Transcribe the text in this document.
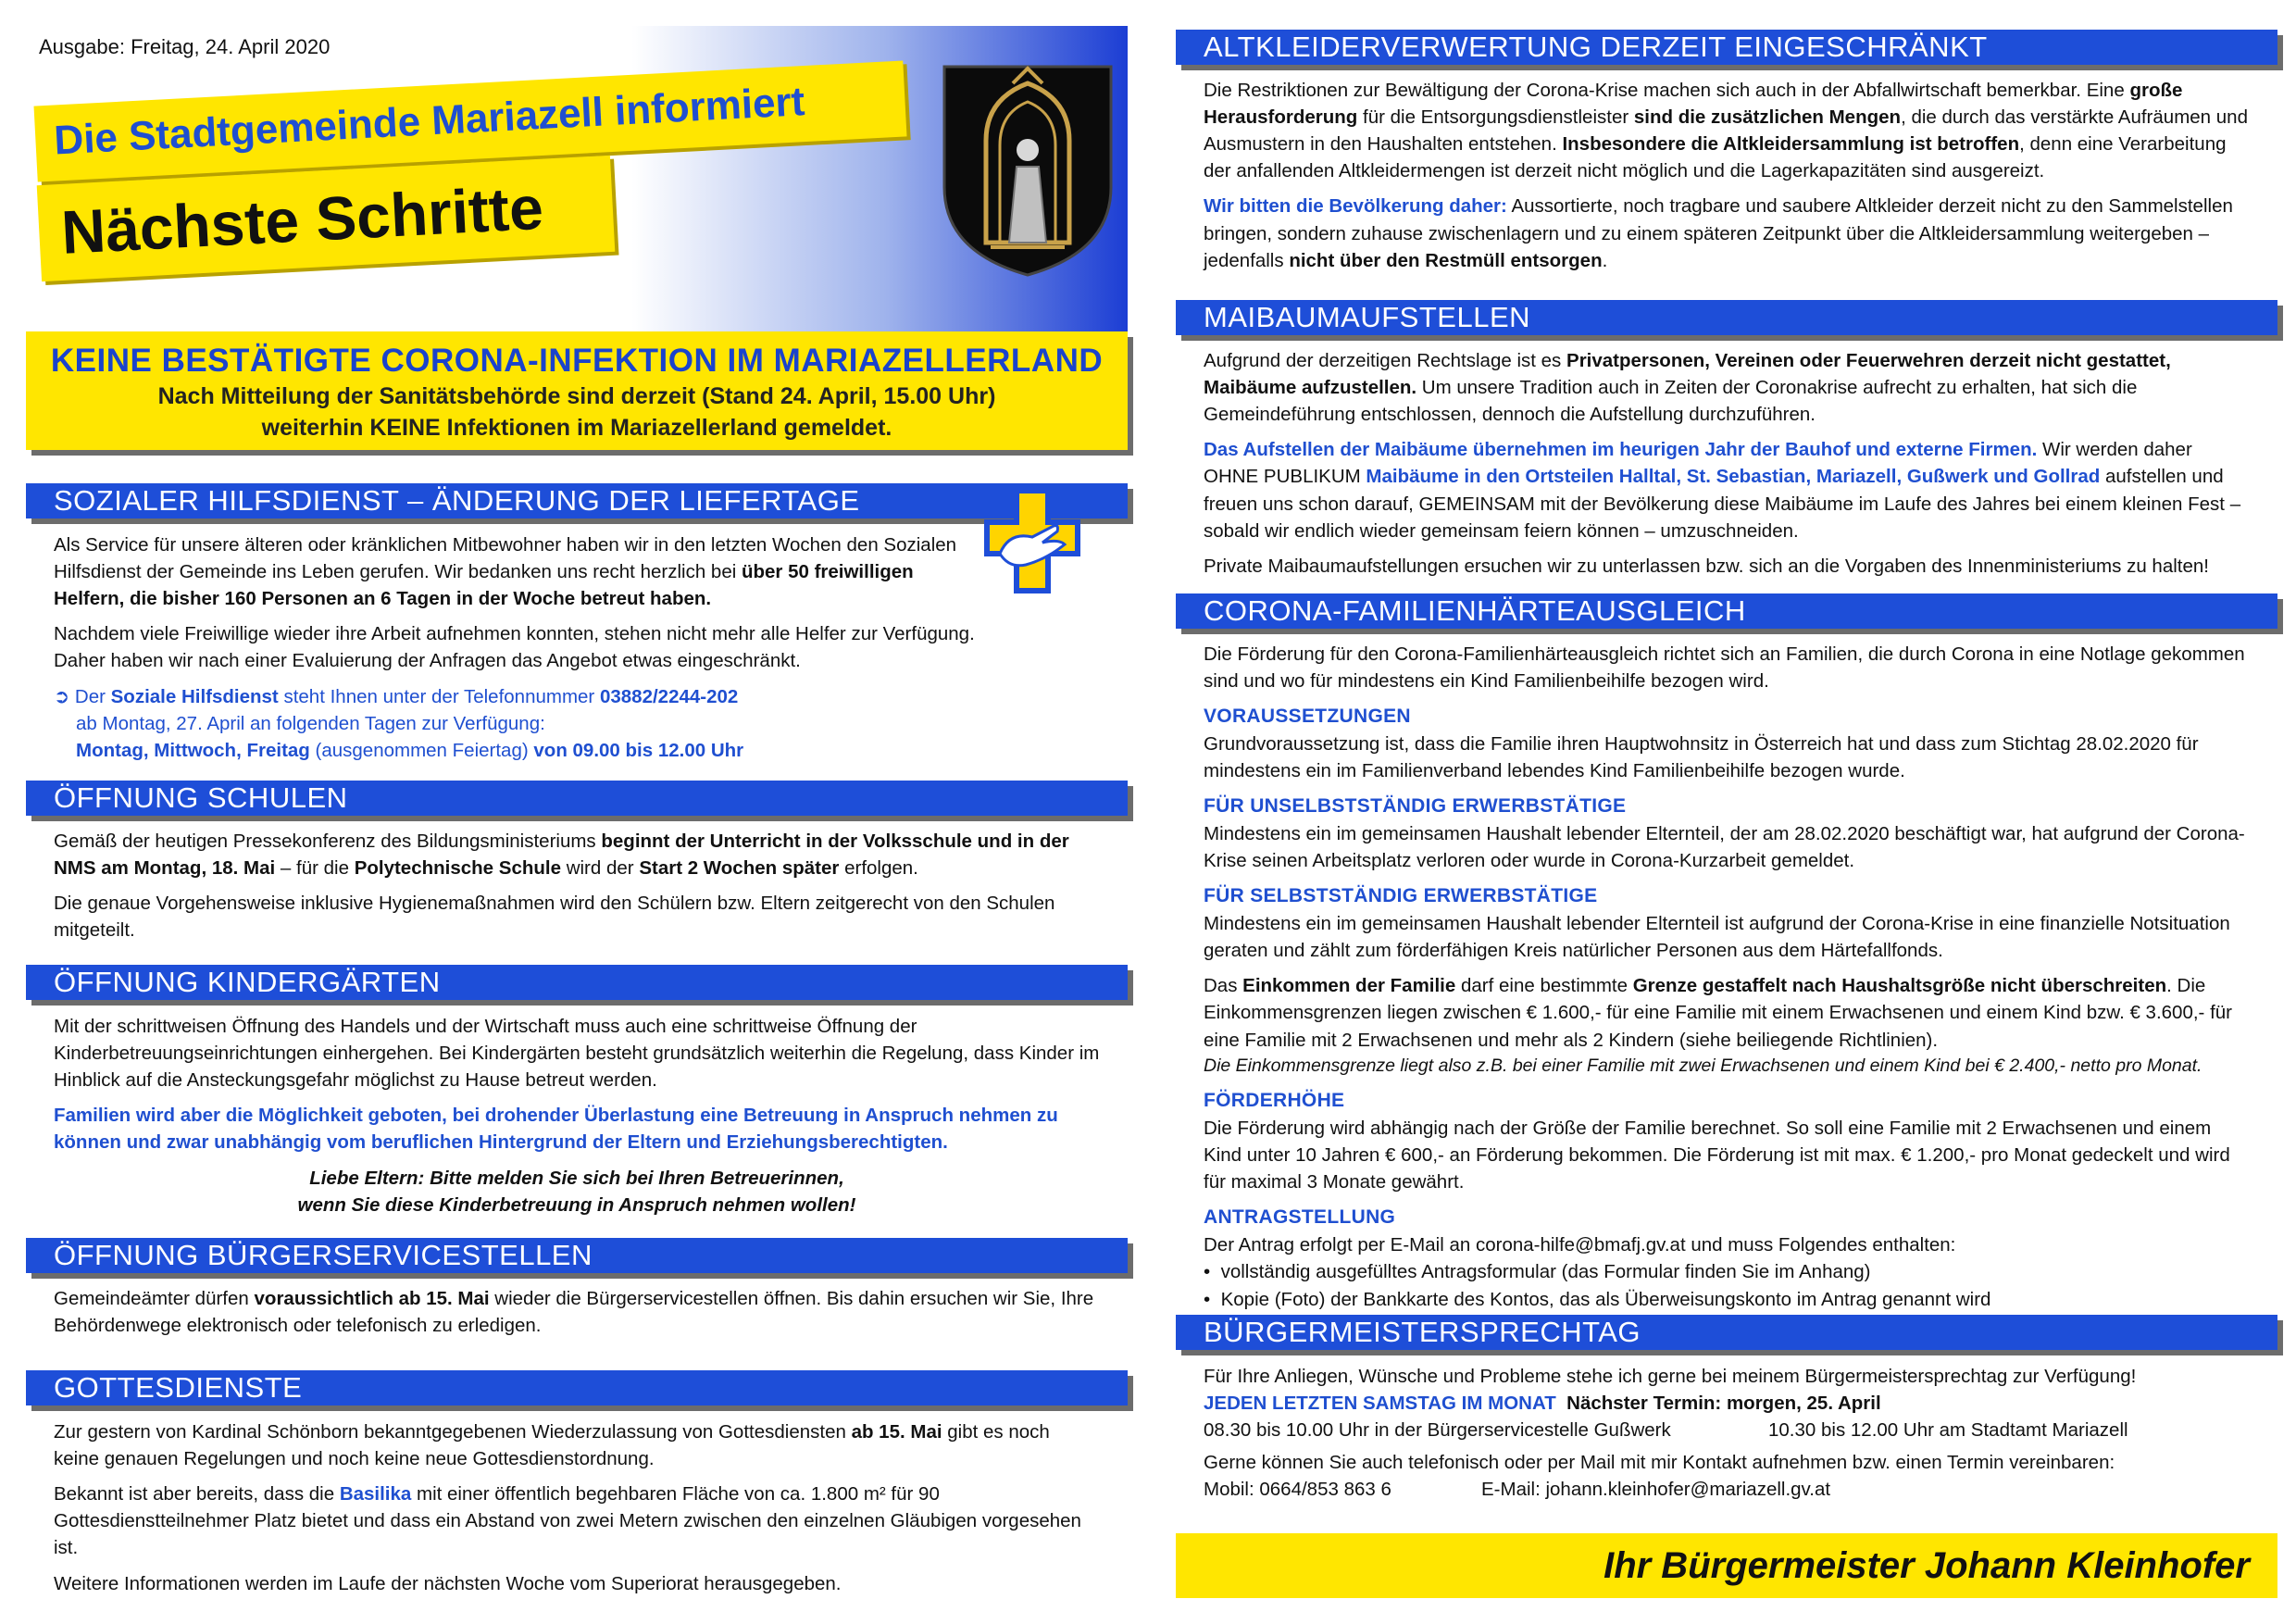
Ausgabe: Freitag, 24. April 2020
Die Stadtgemeinde Mariazell informiert
Nächste Schritte
KEINE BESTÄTIGTE CORONA-INFEKTION IM MARIAZELLERLAND
Nach Mitteilung der Sanitätsbehörde sind derzeit (Stand 24. April, 15.00 Uhr)
weiterhin KEINE Infektionen im Mariazellerland gemeldet.
SOZIALER HILFSDIENST – ÄNDERUNG DER LIEFERTAGE

Als Service für unsere älteren oder kränklichen Mitbewohner haben wir in den letzten Wochen den Sozialen Hilfsdienst der Gemeinde ins Leben gerufen. Wir bedanken uns recht herzlich bei über 50 freiwilligen Helfern, die bisher 160 Personen an 6 Tagen in der Woche betreut haben.

Nachdem viele Freiwillige wieder ihre Arbeit aufnehmen konnten, stehen nicht mehr alle Helfer zur Verfügung. Daher haben wir nach einer Evaluierung der Anfragen das Angebot etwas eingeschränkt.

➲ Der Soziale Hilfsdienst steht Ihnen unter der Telefonnummer 03882/2244-202
ab Montag, 27. April an folgenden Tagen zur Verfügung:
Montag, Mittwoch, Freitag (ausgenommen Feiertag) von 09.00 bis 12.00 Uhr
ÖFFNUNG SCHULEN

Gemäß der heutigen Pressekonferenz des Bildungsministeriums beginnt der Unterricht in der Volksschule und in der NMS am Montag, 18. Mai – für die Polytechnische Schule wird der Start 2 Wochen später erfolgen.

Die genaue Vorgehensweise inklusive Hygienemaßnahmen wird den Schülern bzw. Eltern zeitgerecht von den Schulen mitgeteilt.

ÖFFNUNG KINDERGÄRTEN

Mit der schrittweisen Öffnung des Handels und der Wirtschaft muss auch eine schrittweise Öffnung der Kinderbetreuungseinrichtungen einhergehen. Bei Kindergärten besteht grundsätzlich weiterhin die Regelung, dass Kinder im Hinblick auf die Ansteckungsgefahr möglichst zu Hause betreut werden.

Familien wird aber die Möglichkeit geboten, bei drohender Überlastung eine Betreuung in Anspruch nehmen zu können und zwar unabhängig vom beruflichen Hintergrund der Eltern und Erziehungsberechtigten.

Liebe Eltern: Bitte melden Sie sich bei Ihren Betreuerinnen,
wenn Sie diese Kinderbetreuung in Anspruch nehmen wollen!
ÖFFNUNG BÜRGERSERVICESTELLEN

Gemeindeämter dürfen voraussichtlich ab 15. Mai wieder die Bürgerservicestellen öffnen. Bis dahin ersuchen wir Sie, Ihre Behördenwege elektronisch oder telefonisch zu erledigen.

GOTTESDIENSTE

Zur gestern von Kardinal Schönborn bekanntgegebenen Wiederzulassung von Gottesdiensten ab 15. Mai gibt es noch keine genauen Regelungen und noch keine neue Gottesdienstordnung.

Bekannt ist aber bereits, dass die Basilika mit einer öffentlich begehbaren Fläche von ca. 1.800 m² für 90 Gottesdienstteilnehmer Platz bietet und dass ein Abstand von zwei Metern zwischen den einzelnen Gläubigen vorgesehen ist.

Weitere Informationen werden im Laufe der nächsten Woche vom Superiorat herausgegeben.

ALTKLEIDERVERWERTUNG DERZEIT EINGESCHRÄNKT

Die Restriktionen zur Bewältigung der Corona-Krise machen sich auch in der Abfallwirtschaft bemerkbar. Eine große Herausforderung für die Entsorgungsdienstleister sind die zusätzlichen Mengen, die durch das verstärkte Aufräumen und Ausmustern in den Haushalten entstehen. Insbesondere die Altkleidersammlung ist betroffen, denn eine Verarbeitung der anfallenden Altkleidermengen ist derzeit nicht möglich und die Lagerkapazitäten sind ausgereizt.

Wir bitten die Bevölkerung daher: Aussortierte, noch tragbare und saubere Altkleider derzeit nicht zu den Sammelstellen bringen, sondern zuhause zwischenlagern und zu einem späteren Zeitpunkt über die Altkleidersammlung weitergeben – jedenfalls nicht über den Restmüll entsorgen.

MAIBAUMAUFSTELLEN

Aufgrund der derzeitigen Rechtslage ist es Privatpersonen, Vereinen oder Feuerwehren derzeit nicht gestattet, Maibäume aufzustellen. Um unsere Tradition auch in Zeiten der Coronakrise aufrecht zu erhalten, hat sich die Gemeindeführung entschlossen, dennoch die Aufstellung durchzuführen.

Das Aufstellen der Maibäume übernehmen im heurigen Jahr der Bauhof und externe Firmen. Wir werden daher OHNE PUBLIKUM Maibäume in den Ortsteilen Halltal, St. Sebastian, Mariazell, Gußwerk und Gollrad aufstellen und freuen uns schon darauf, GEMEINSAM mit der Bevölkerung diese Maibäume im Laufe des Jahres bei einem kleinen Fest – sobald wir endlich wieder gemeinsam feiern können – umzuschneiden.

Private Maibaumaufstellungen ersuchen wir zu unterlassen bzw. sich an die Vorgaben des Innenministeriums zu halten!

CORONA-FAMILIENHÄRTEAUSGLEICH

Die Förderung für den Corona-Familienhärteausgleich richtet sich an Familien, die durch Corona in eine Notlage gekommen sind und wo für mindestens ein Kind Familienbeihilfe bezogen wird.

VORAUSSETZUNGEN

Grundvoraussetzung ist, dass die Familie ihren Hauptwohnsitz in Österreich hat und dass zum Stichtag 28.02.2020 für mindestens ein im Familienverband lebendes Kind Familienbeihilfe bezogen wurde.

FÜR UNSELBSTSTÄNDIG ERWERBSTÄTIGE

Mindestens ein im gemeinsamen Haushalt lebender Elternteil, der am 28.02.2020 beschäftigt war, hat aufgrund der Corona-Krise seinen Arbeitsplatz verloren oder wurde in Corona-Kurzarbeit gemeldet.

FÜR SELBSTSTÄNDIG ERWERBSTÄTIGE

Mindestens ein im gemeinsamen Haushalt lebender Elternteil ist aufgrund der Corona-Krise in eine finanzielle Notsituation geraten und zählt zum förderfähigen Kreis natürlicher Personen aus dem Härtefallfonds.

Das Einkommen der Familie darf eine bestimmte Grenze gestaffelt nach Haushaltsgröße nicht überschreiten. Die Einkommensgrenzen liegen zwischen € 1.600,- für eine Familie mit einem Erwachsenen und einem Kind bzw. € 3.600,- für eine Familie mit 2 Erwachsenen und mehr als 2 Kindern (siehe beiliegende Richtlinien).

Die Einkommensgrenze liegt also z.B. bei einer Familie mit zwei Erwachsenen und einem Kind bei € 2.400,- netto pro Monat.

FÖRDERHÖHE

Die Förderung wird abhängig nach der Größe der Familie berechnet. So soll eine Familie mit 2 Erwachsenen und einem Kind unter 10 Jahren € 600,- an Förderung bekommen. Die Förderung ist mit max. € 1.200,- pro Monat gedeckelt und wird für maximal 3 Monate gewährt.

ANTRAGSTELLUNG
Der Antrag erfolgt per E-Mail an corona-hilfe@bmafj.gv.at und muss Folgendes enthalten:
• vollständig ausgefülltes Antragsformular (das Formular finden Sie im Anhang)
• Kopie (Foto) der Bankkarte des Kontos, das als Überweisungskonto im Antrag genannt wird
BÜRGERMEISTERSPRECHTAG
Für Ihre Anliegen, Wünsche und Probleme stehe ich gerne bei meinem Bürgermeistersprechtag zur Verfügung!
JEDEN LETZTEN SAMSTAG IM MONAT Nächster Termin: morgen, 25. April
08.30 bis 10.00 Uhr in der Bürgerservicestelle Gußwerk	10.30 bis 12.00 Uhr am Stadtamt Mariazell
Gerne können Sie auch telefonisch oder per Mail mit mir Kontakt aufnehmen bzw. einen Termin vereinbaren:
Mobil: 0664/853 863 6	E-Mail: johann.kleinhofer@mariazell.gv.at
Ihr Bürgermeister Johann Kleinhofer
